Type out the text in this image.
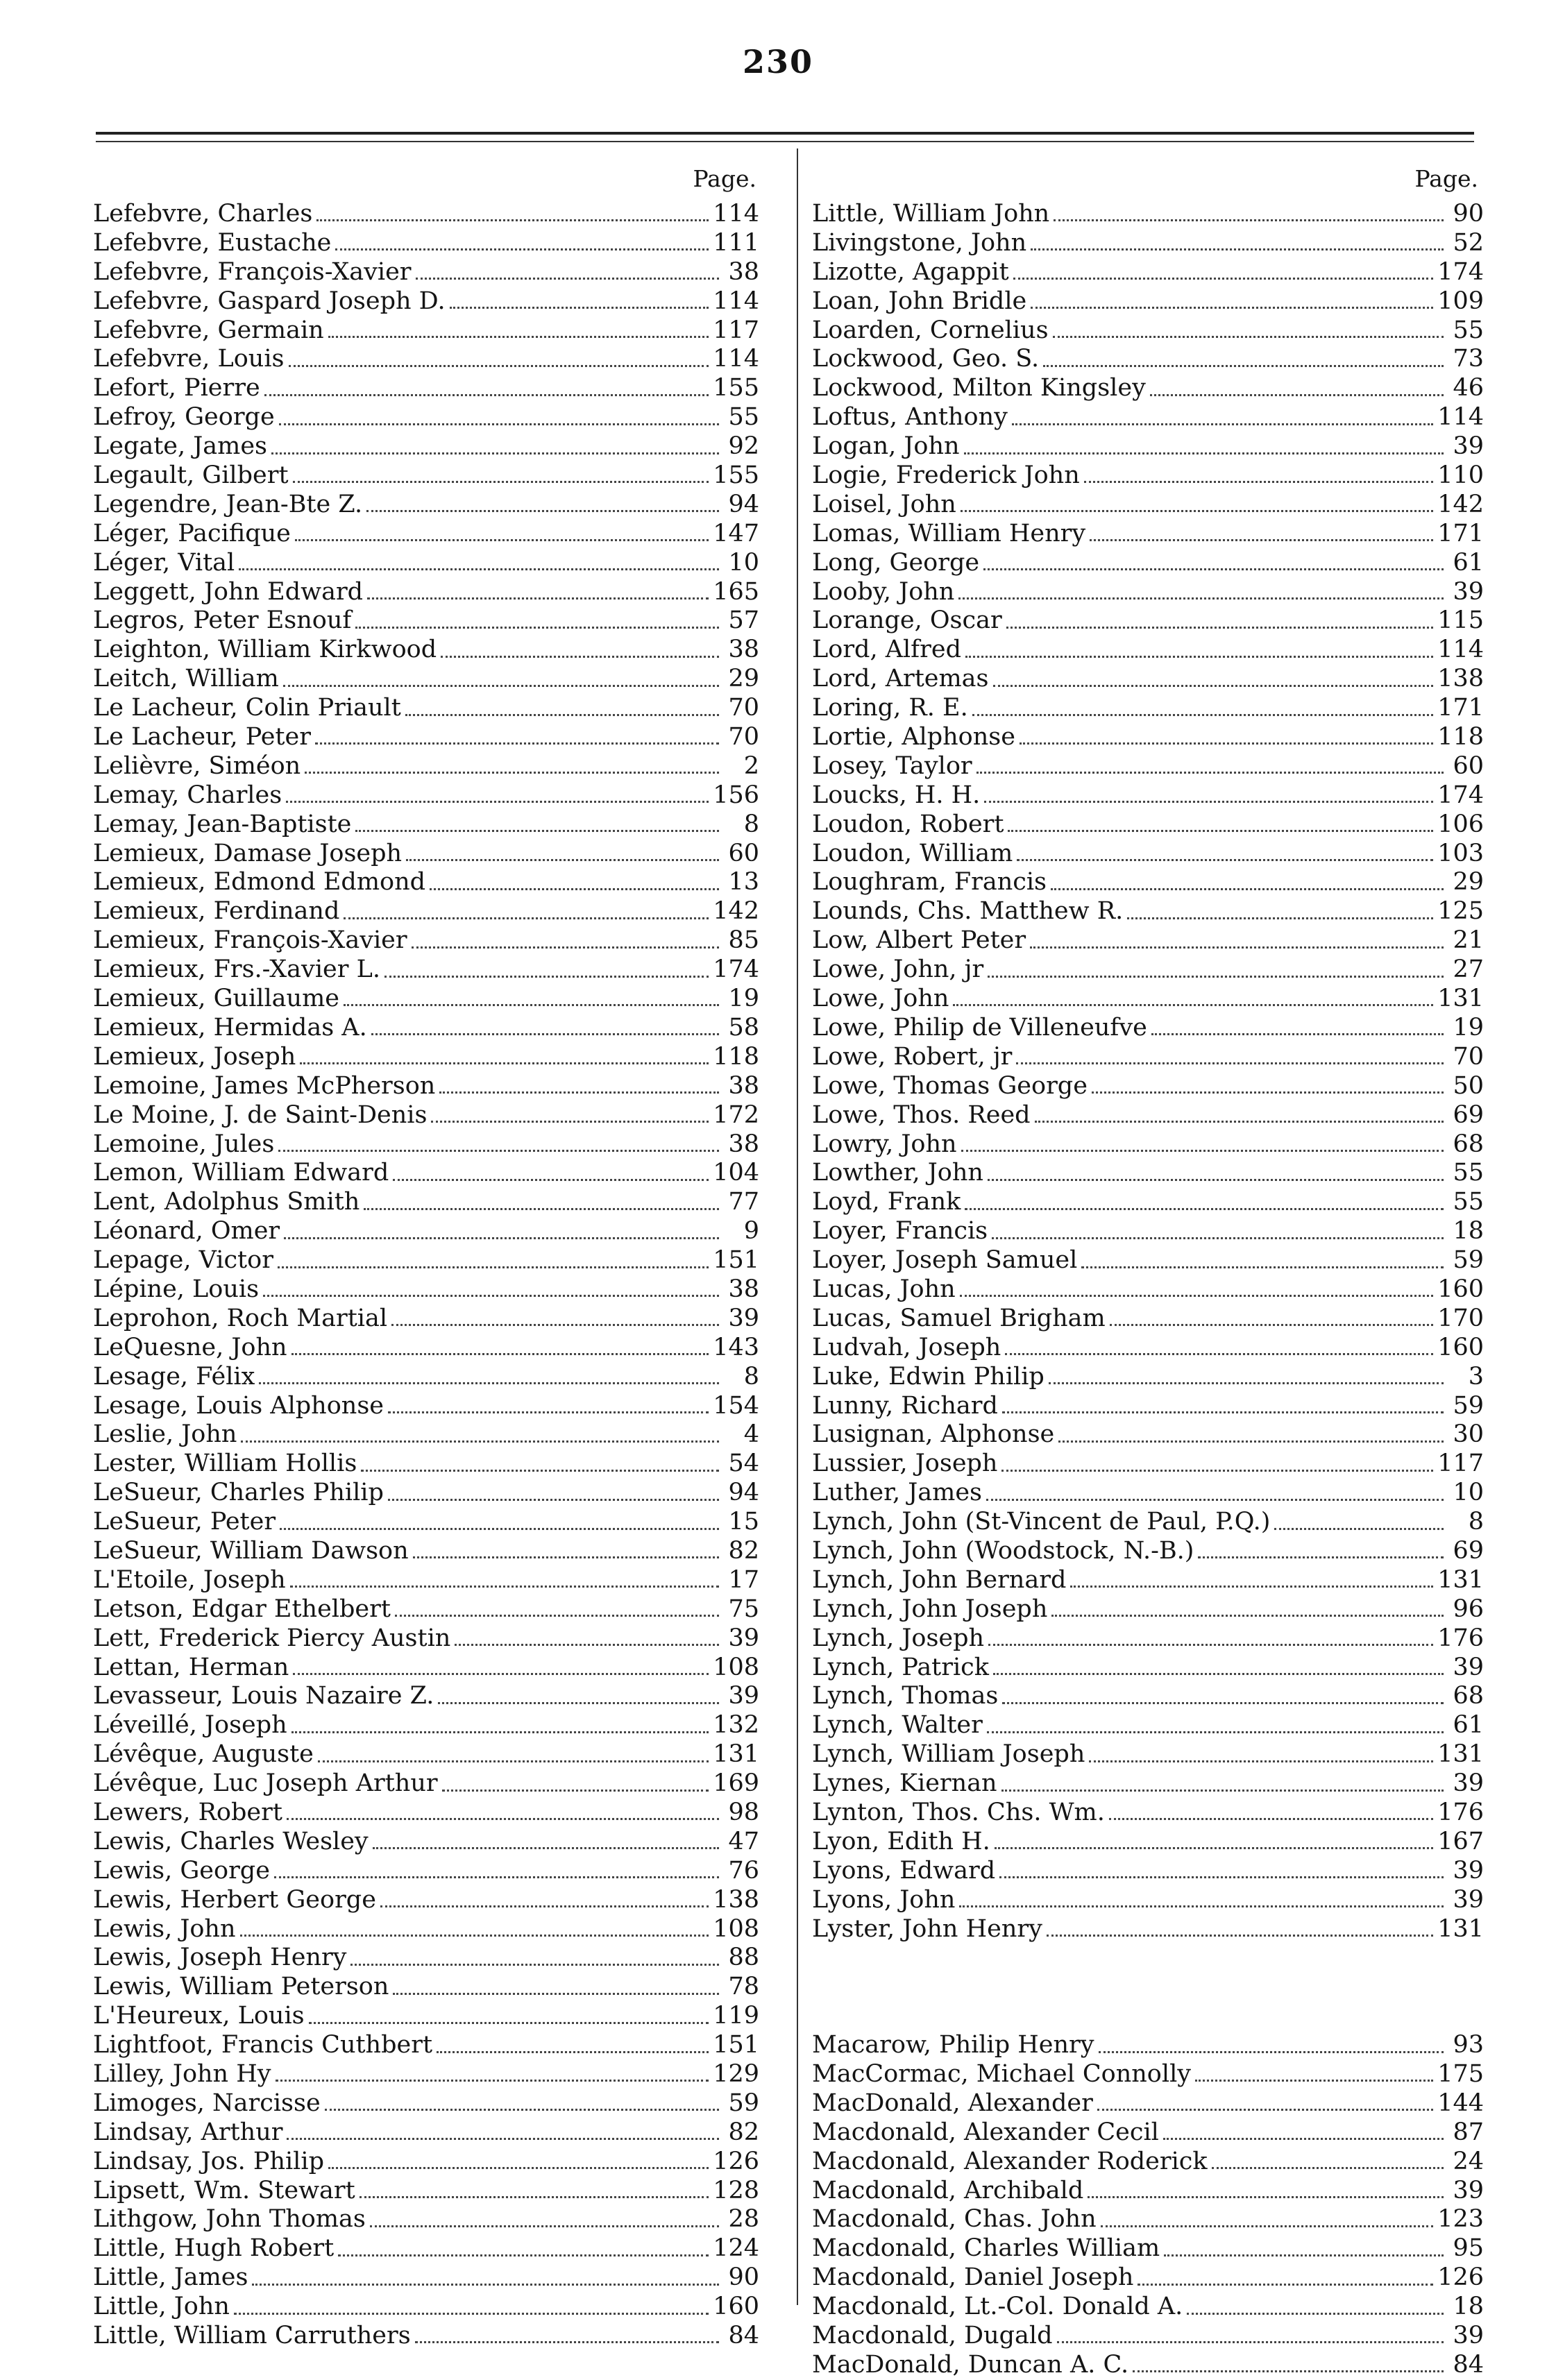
230
Page.	Page.
Lefebvre, Charles	114
Lefebvre, Eustache	111
Lefebvre, François-Xavier	38
Lefebvre, Gaspard Joseph D.	114
Lefebvre, Germain	117
Lefebvre, Louis	114
Lefort, Pierre	155
Lefroy, George	55
Legate, James	92
Legault, Gilbert	155
Legendre, Jean-Bte Z.	94
Léger, Pacifique	147
Léger, Vital	10
Leggett, John Edward	165
Legros, Peter Esnouf	57
Leighton, William Kirkwood	38
Leitch, William	29
Le Lacheur, Colin Priault	70
Le Lacheur, Peter	70
Lelièvre, Siméon	2
Lemay, Charles	156
Lemay, Jean-Baptiste	8
Lemieux, Damase Joseph	60
Lemieux, Edmond Edmond	13
Lemieux, Ferdinand	142
Lemieux, François-Xavier	85
Lemieux, Frs.-Xavier L.	174
Lemieux, Guillaume	19
Lemieux, Hermidas A.	58
Lemieux, Joseph	118
Lemoine, James McPherson	38
Le Moine, J. de Saint-Denis	172
Lemoine, Jules	38
Lemon, William Edward	104
Lent, Adolphus Smith	77
Léonard, Omer	9
Lepage, Victor	151
Lépine, Louis	38
Leprohon, Roch Martial	39
LeQuesne, John	143
Lesage, Félix	8
Lesage, Louis Alphonse	154
Leslie, John	4
Lester, William Hollis	54
LeSueur, Charles Philip	94
LeSueur, Peter	15
LeSueur, William Dawson	82
L'Etoile, Joseph	17
Letson, Edgar Ethelbert	75
Lett, Frederick Piercy Austin	39
Lettan, Herman	108
Levasseur, Louis Nazaire Z.	39
Léveillé, Joseph	132
Lévêque, Auguste	131
Lévêque, Luc Joseph Arthur	169
Lewers, Robert	98
Lewis, Charles Wesley	47
Lewis, George	76
Lewis, Herbert George	138
Lewis, John	108
Lewis, Joseph Henry	88
Lewis, William Peterson	78
L'Heureux, Louis	119
Lightfoot, Francis Cuthbert	151
Lilley, John Hy	129
Limoges, Narcisse	59
Lindsay, Arthur	82
Lindsay, Jos. Philip	126
Lipsett, Wm. Stewart	128
Lithgow, John Thomas	28
Little, Hugh Robert	124
Little, James	90
Little, John	160
Little, William Carruthers	84
Little, William John	90
Livingstone, John	52
Lizotte, Agappit	174
Loan, John Bridle	109
Loarden, Cornelius	55
Lockwood, Geo. S.	73
Lockwood, Milton Kingsley	46
Loftus, Anthony	114
Logan, John	39
Logie, Frederick John	110
Loisel, John	142
Lomas, William Henry	171
Long, George	61
Looby, John	39
Lorange, Oscar	115
Lord, Alfred	114
Lord, Artemas	138
Loring, R. E.	171
Lortie, Alphonse	118
Losey, Taylor	60
Loucks, H. H.	174
Loudon, Robert	106
Loudon, William	103
Loughram, Francis	29
Lounds, Chs. Matthew R.	125
Low, Albert Peter	21
Lowe, John, jr	27
Lowe, John	131
Lowe, Philip de Villeneufve	19
Lowe, Robert, jr	70
Lowe, Thomas George	50
Lowe, Thos. Reed	69
Lowry, John	68
Lowther, John	55
Loyd, Frank	55
Loyer, Francis	18
Loyer, Joseph Samuel	59
Lucas, John	160
Lucas, Samuel Brigham	170
Ludvah, Joseph	160
Luke, Edwin Philip	3
Lunny, Richard	59
Lusignan, Alphonse	30
Lussier, Joseph	117
Luther, James	10
Lynch, John (St-Vincent de Paul, P.Q.)	8
Lynch, John (Woodstock, N.-B.)	69
Lynch, John Bernard	131
Lynch, John Joseph	96
Lynch, Joseph	176
Lynch, Patrick	39
Lynch, Thomas	68
Lynch, Walter	61
Lynch, William Joseph	131
Lynes, Kiernan	39
Lynton, Thos. Chs. Wm.	176
Lyon, Edith H.	167
Lyons, Edward	39
Lyons, John	39
Lyster, John Henry	131
Macarow, Philip Henry	93
MacCormac, Michael Connolly	175
MacDonald, Alexander	144
Macdonald, Alexander Cecil	87
Macdonald, Alexander Roderick	24
Macdonald, Archibald	39
Macdonald, Chas. John	123
Macdonald, Charles William	95
Macdonald, Daniel Joseph	126
Macdonald, Lt.-Col. Donald A.	18
Macdonald, Dugald	39
MacDonald, Duncan A. C.	84
